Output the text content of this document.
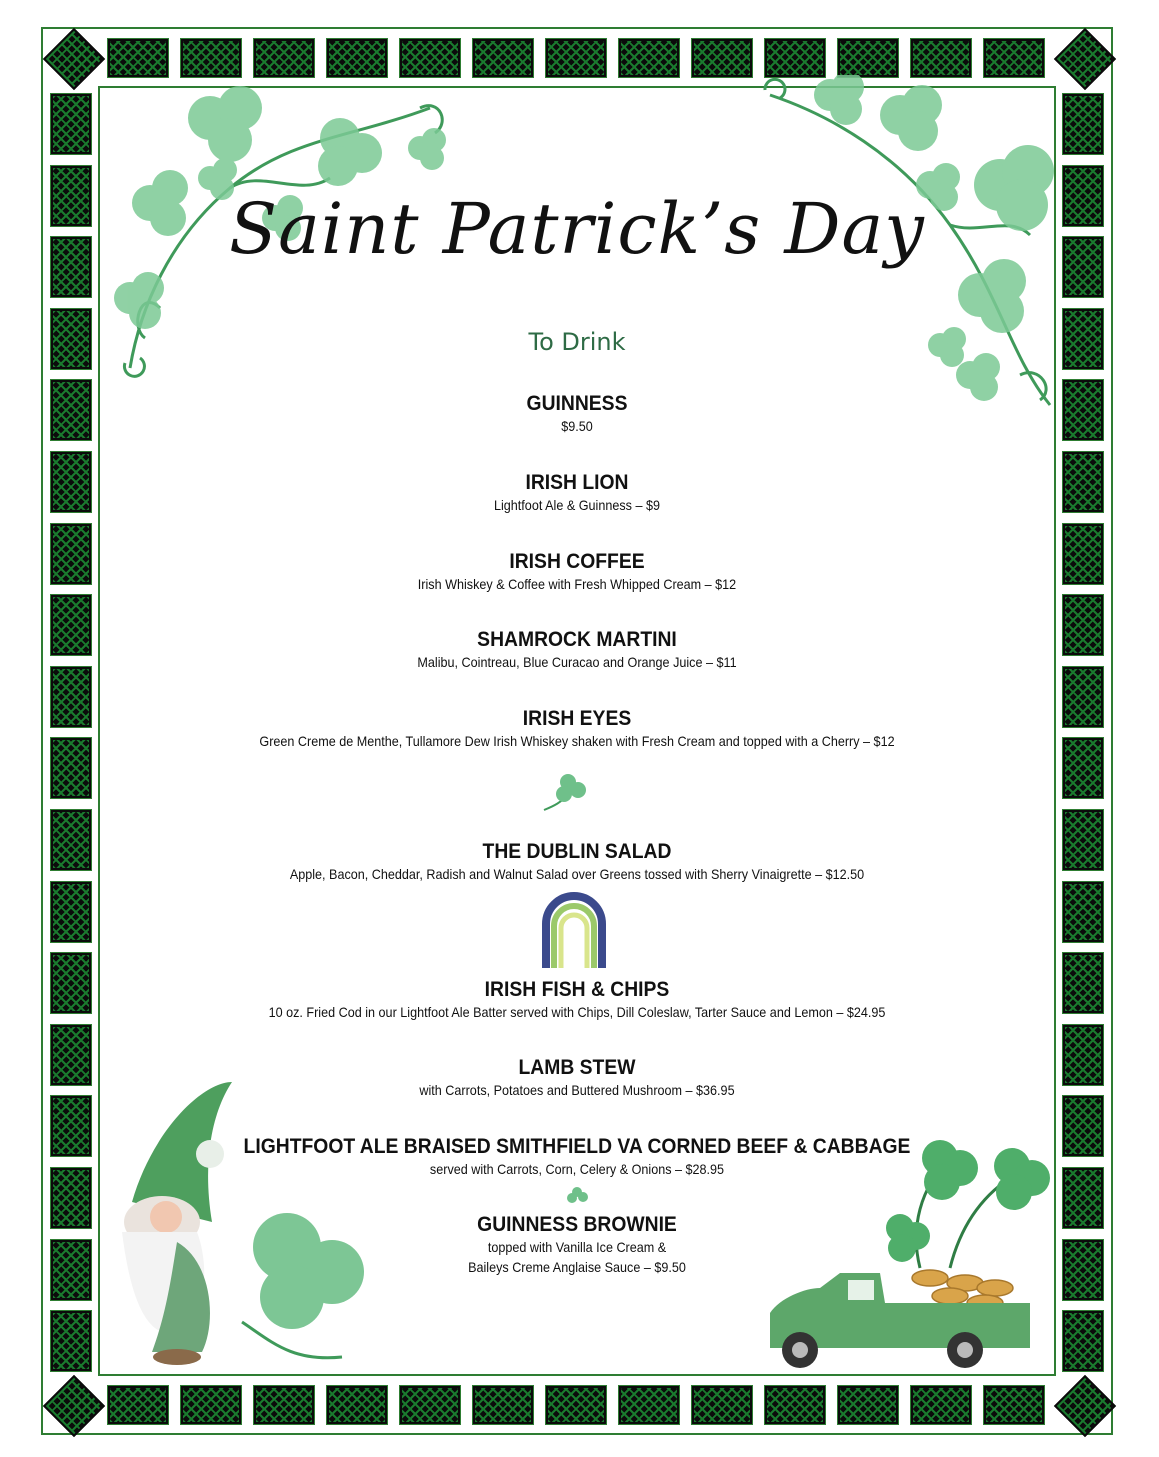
Saint Patrick’s Day
To Drink
GUINNESS
$9.50
IRISH LION
Lightfoot Ale & Guinness – $9
IRISH COFFEE
Irish Whiskey & Coffee with Fresh Whipped Cream – $12
SHAMROCK MARTINI
Malibu, Cointreau, Blue Curacao and Orange Juice – $11
IRISH EYES
Green Creme de Menthe, Tullamore Dew Irish Whiskey shaken with Fresh Cream and topped with a Cherry – $12
THE DUBLIN SALAD
Apple, Bacon, Cheddar, Radish and Walnut Salad over Greens tossed with Sherry Vinaigrette – $12.50
IRISH FISH & CHIPS
10 oz. Fried Cod in our Lightfoot Ale Batter served with Chips, Dill Coleslaw, Tarter Sauce and Lemon – $24.95
LAMB STEW
with Carrots, Potatoes and Buttered Mushroom – $36.95
LIGHTFOOT ALE BRAISED SMITHFIELD VA CORNED BEEF & CABBAGE
served with Carrots, Corn, Celery & Onions – $28.95
GUINNESS BROWNIE
topped with Vanilla Ice Cream &
Baileys Creme Anglaise Sauce – $9.50
